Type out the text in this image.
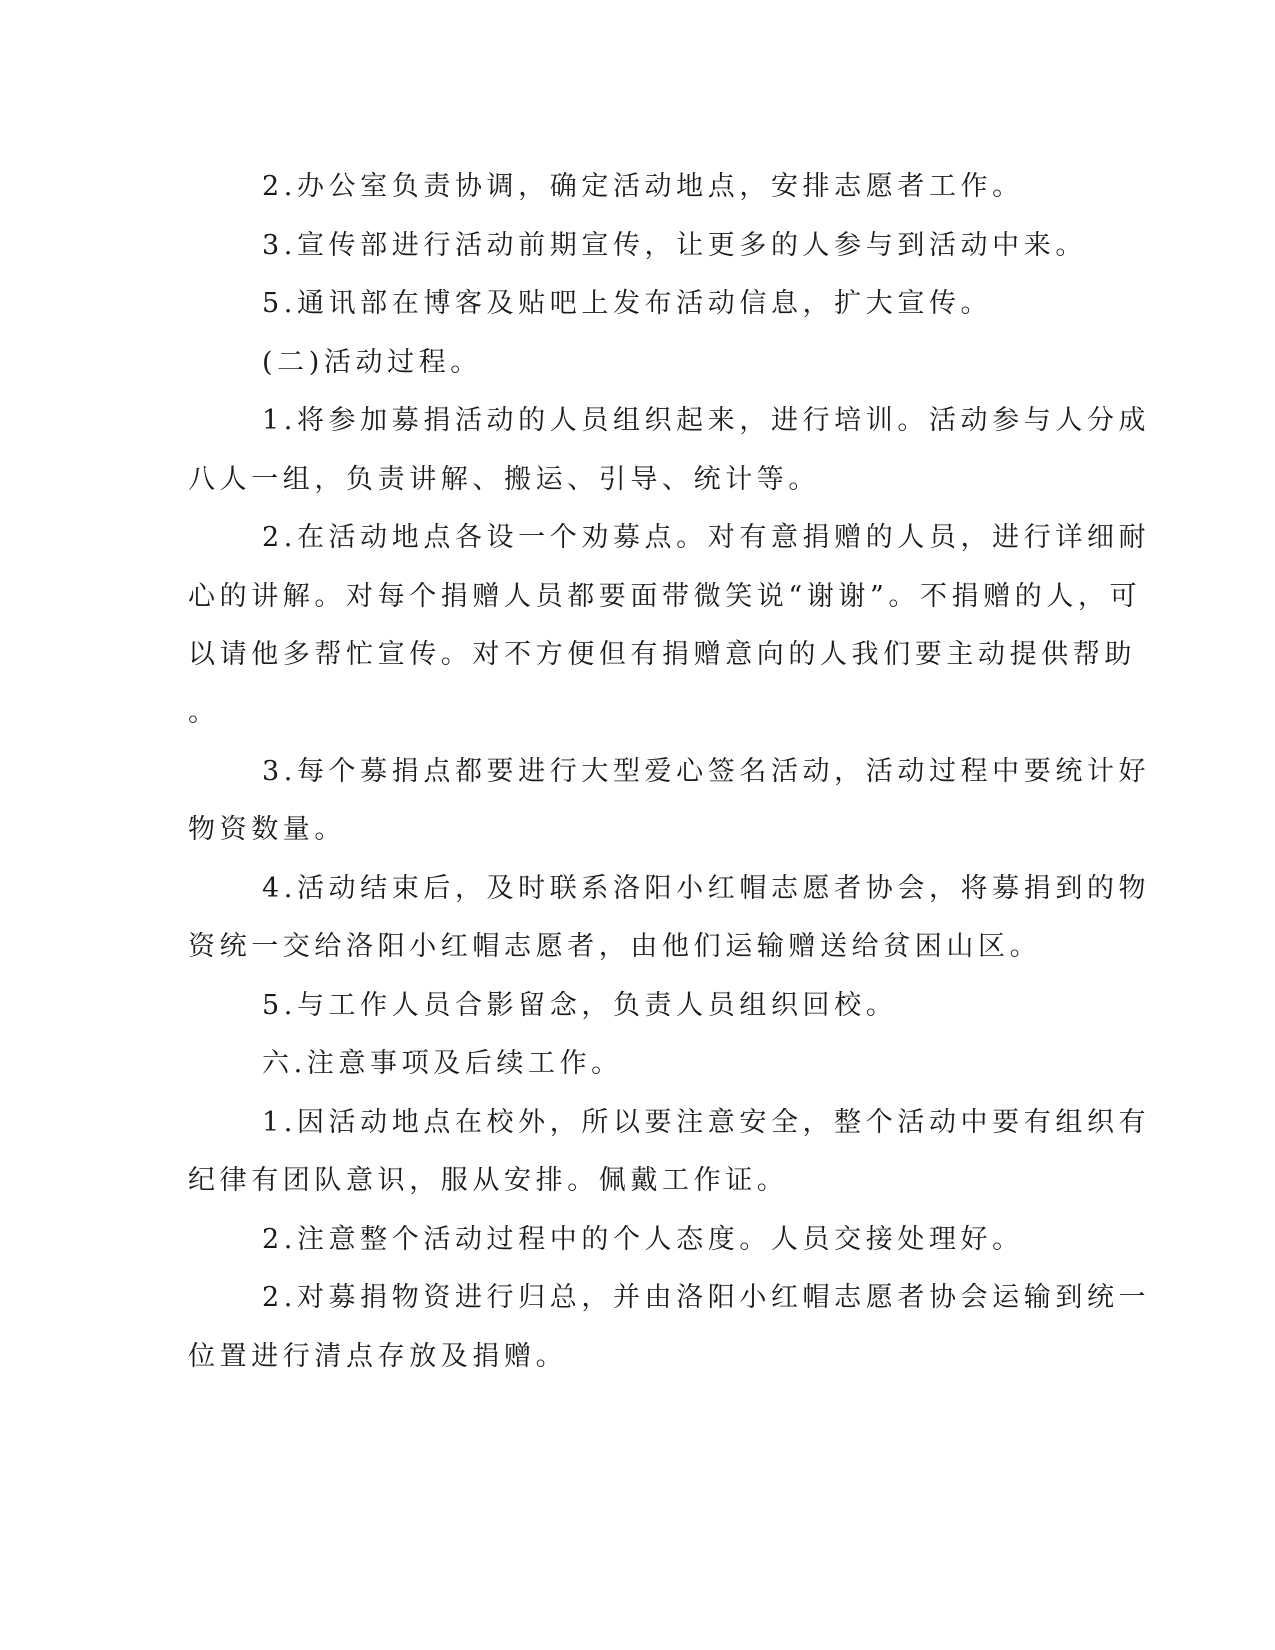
2.办公室负责协调，确定活动地点，安排志愿者工作。
3.宣传部进行活动前期宣传，让更多的人参与到活动中来。
5.通讯部在博客及贴吧上发布活动信息，扩大宣传。
(二)活动过程。
1.将参加募捐活动的人员组织起来，进行培训。活动参与人分成
八人一组，负责讲解、搬运、引导、统计等。
2.在活动地点各设一个劝募点。对有意捐赠的人员，进行详细耐
心的讲解。对每个捐赠人员都要面带微笑说“谢谢”。不捐赠的人，可
以请他多帮忙宣传。对不方便但有捐赠意向的人我们要主动提供帮助
。
3.每个募捐点都要进行大型爱心签名活动，活动过程中要统计好
物资数量。
4.活动结束后，及时联系洛阳小红帽志愿者协会，将募捐到的物
资统一交给洛阳小红帽志愿者，由他们运输赠送给贫困山区。
5.与工作人员合影留念，负责人员组织回校。
六.注意事项及后续工作。
1.因活动地点在校外，所以要注意安全，整个活动中要有组织有
纪律有团队意识，服从安排。佩戴工作证。
2.注意整个活动过程中的个人态度。人员交接处理好。
2.对募捐物资进行归总，并由洛阳小红帽志愿者协会运输到统一
位置进行清点存放及捐赠。
